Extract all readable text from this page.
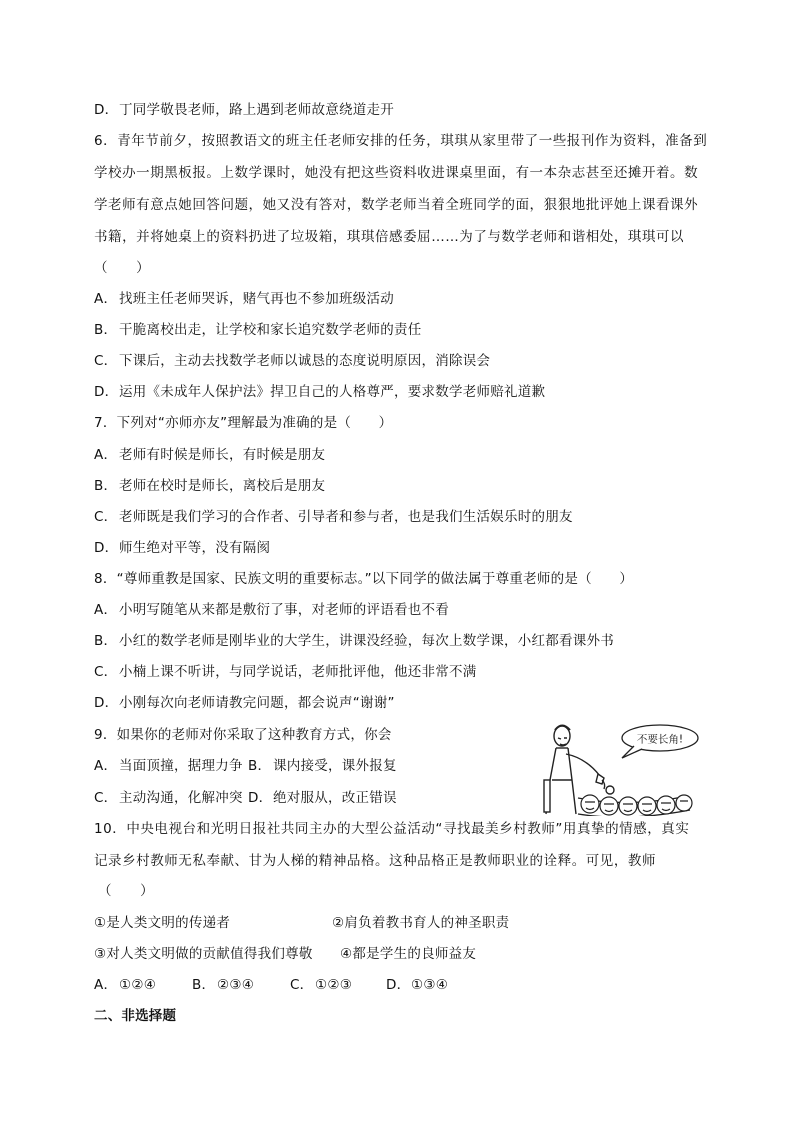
D．丁同学敬畏老师，路上遇到老师故意绕道走开
6．青年节前夕，按照教语文的班主任老师安排的任务，琪琪从家里带了一些报刊作为资料，准备到
学校办一期黑板报。上数学课时，她没有把这些资料收进课桌里面，有一本杂志甚至还摊开着。数
学老师有意点她回答问题，她又没有答对，数学老师当着全班同学的面，狠狠地批评她上课看课外
书籍，并将她桌上的资料扔进了垃圾箱，琪琪倍感委屈……为了与数学老师和谐相处，琪琪可以
（　　）
A． 找班主任老师哭诉，赌气再也不参加班级活动
B． 干脆离校出走，让学校和家长追究数学老师的责任
C． 下课后，主动去找数学老师以诚恳的态度说明原因，消除误会
D．运用《未成年人保护法》捍卫自己的人格尊严，要求数学老师赔礼道歉
7．下列对“亦师亦友”理解最为准确的是（　　）
A． 老师有时候是师长，有时候是朋友
B． 老师在校时是师长，离校后是朋友
C． 老师既是我们学习的合作者、引导者和参与者，也是我们生活娱乐时的朋友
D．师生绝对平等，没有隔阂
8．“尊师重教是国家、民族文明的重要标志。”以下同学的做法属于尊重老师的是（　　）
A． 小明写随笔从来都是敷衍了事，对老师的评语看也不看
B． 小红的数学老师是刚毕业的大学生，讲课没经验，每次上数学课，小红都看课外书
C． 小楠上课不听讲，与同学说话，老师批评他，他还非常不满
D．小刚每次向老师请教完问题，都会说声“谢谢”
9．如果你的老师对你采取了这种教育方式，你会
A． 当面顶撞，据理力争 B． 课内接受，课外报复
C． 主动沟通，化解冲突 D．绝对服从，改正错误
不要长角!
10．中央电视台和光明日报社共同主办的大型公益活动“寻找最美乡村教师”用真挚的情感，真实
记录乡村教师无私奉献、甘为人梯的精神品格。这种品格正是教师职业的诠释。可见，教师
（　　）
①是人类文明的传递者	②肩负着教书育人的神圣职责
③对人类文明做的贡献值得我们尊敬 ④都是学生的良师益友
A． ①②④	B． ②③④	C． ①②③	D．①③④
二、非选择题
